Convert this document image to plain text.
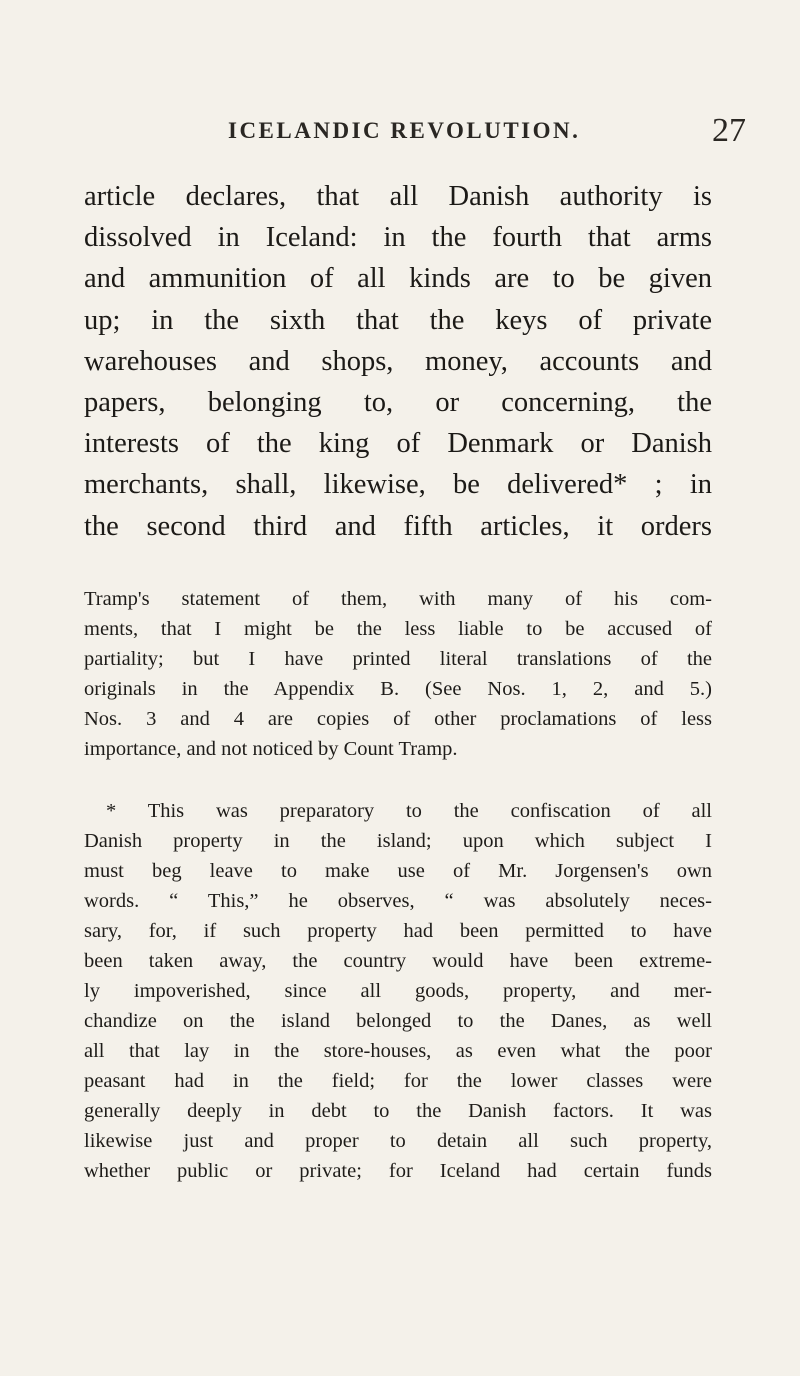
ICELANDIC REVOLUTION.	27
article declares, that all Danish authority is
dissolved in Iceland: in the fourth that arms
and ammunition of all kinds are to be given
up; in the sixth that the keys of private
warehouses and shops, money, accounts and
papers, belonging to, or concerning, the
interests of the king of Denmark or Danish
merchants, shall, likewise, be delivered* ; in
the second third and fifth articles, it orders
Tramp's statement of them, with many of his com-
ments, that I might be the less liable to be accused of
partiality; but I have printed literal translations of the
originals in the Appendix B. (See Nos. 1, 2, and 5.)
Nos. 3 and 4 are copies of other proclamations of less
importance, and not noticed by Count Tramp.
* This was preparatory to the confiscation of all
Danish property in the island; upon which subject I
must beg leave to make use of Mr. Jorgensen's own
words. “ This,” he observes, “ was absolutely neces-
sary, for, if such property had been permitted to have
been taken away, the country would have been extreme-
ly impoverished, since all goods, property, and mer-
chandize on the island belonged to the Danes, as well
all that lay in the store-houses, as even what the poor
peasant had in the field; for the lower classes were
generally deeply in debt to the Danish factors. It was
likewise just and proper to detain all such property,
whether public or private; for Iceland had certain funds
